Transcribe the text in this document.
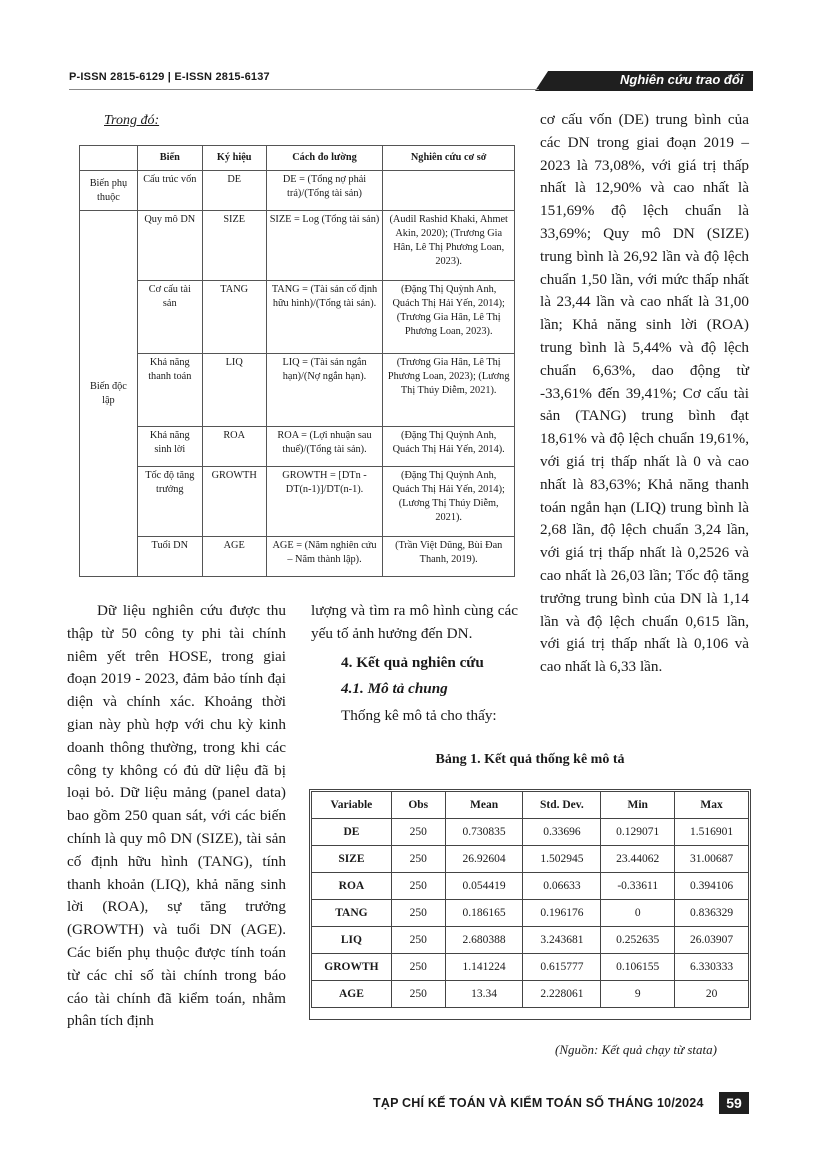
P-ISSN 2815-6129 | E-ISSN 2815-6137	Nghiên cứu trao đổi
Trong đó:
	Biến	Ký hiệu	Cách đo lường	Nghiên cứu cơ sở
Biến phụ thuộc	Cấu trúc vốn	DE	DE = (Tổng nợ phải trả)/(Tổng tài sản)	
Biến độc lập	Quy mô DN	SIZE	SIZE = Log (Tổng tài sản)	(Audil Rashid Khaki, Ahmet Akin, 2020); (Trương Gia Hân, Lê Thị Phương Loan, 2023).
	Cơ cấu tài sản	TANG	TANG = (Tài sản cố định hữu hình)/(Tổng tài sản).	(Đặng Thị Quỳnh Anh, Quách Thị Hải Yến, 2014); (Trương Gia Hân, Lê Thị Phương Loan, 2023).
	Khả năng thanh toán	LIQ	LIQ = (Tài sản ngắn hạn)/(Nợ ngắn hạn).	(Trương Gia Hân, Lê Thị Phương Loan, 2023); (Lương Thị Thúy Diễm, 2021).
	Khả năng sinh lời	ROA	ROA = (Lợi nhuận sau thuế)/(Tổng tài sản).	(Đặng Thị Quỳnh Anh, Quách Thị Hải Yến, 2014).
	Tốc độ tăng trưởng	GROWTH	GROWTH = [DTn - DT(n-1)]/DT(n-1).	(Đặng Thị Quỳnh Anh, Quách Thị Hải Yến, 2014); (Lương Thị Thúy Diễm, 2021).
	Tuổi DN	AGE	AGE = (Năm nghiên cứu – Năm thành lập).	(Trần Việt Dũng, Bùi Đan Thanh, 2019).

cơ cấu vốn (DE) trung bình của các DN trong giai đoạn 2019 – 2023 là 73,08%, với giá trị thấp nhất là 12,90% và cao nhất là 151,69% độ lệch chuẩn là 33,69%; Quy mô DN (SIZE) trung bình là 26,92 lần và độ lệch chuẩn 1,50 lần, với mức thấp nhất là 23,44 lần và cao nhất là 31,00 lần; Khả năng sinh lời (ROA) trung bình là 5,44% và độ lệch chuẩn 6,63%, dao động từ -33,61% đến 39,41%; Cơ cấu tài sản (TANG) trung bình đạt 18,61% và độ lệch chuẩn 19,61%, với giá trị thấp nhất là 0 và cao nhất là 83,63%; Khả năng thanh toán ngắn hạn (LIQ) trung bình là 2,68 lần, độ lệch chuẩn 3,24 lần, với giá trị thấp nhất là 0,2526 và cao nhất là 26,03 lần; Tốc độ tăng trưởng trung bình của DN là 1,14 lần và độ lệch chuẩn 0,615 lần, với giá trị thấp nhất là 0,106 và cao nhất là 6,33 lần.

Dữ liệu nghiên cứu được thu thập từ 50 công ty phi tài chính niêm yết trên HOSE, trong giai đoạn 2019 - 2023, đảm bảo tính đại diện và chính xác. Khoảng thời gian này phù hợp với chu kỳ kinh doanh thông thường, trong khi các công ty không có đủ dữ liệu đã bị loại bỏ. Dữ liệu mảng (panel data) bao gồm 250 quan sát, với các biến chính là quy mô DN (SIZE), tài sản cố định hữu hình (TANG), tính thanh khoản (LIQ), khả năng sinh lời (ROA), sự tăng trưởng (GROWTH) và tuổi DN (AGE). Các biến phụ thuộc được tính toán từ các chỉ số tài chính trong báo cáo tài chính đã kiểm toán, nhằm phân tích định

lượng và tìm ra mô hình cùng các yếu tố ảnh hưởng đến DN.

4. Kết quả nghiên cứu

4.1. Mô tả chung

Thống kê mô tả cho thấy:

Bảng 1. Kết quả thống kê mô tả
Variable	Obs	Mean	Std. Dev.	Min	Max
DE	250	0.730835	0.33696	0.129071	1.516901
SIZE	250	26.92604	1.502945	23.44062	31.00687
ROA	250	0.054419	0.06633	-0.33611	0.394106
TANG	250	0.186165	0.196176	0	0.836329
LIQ	250	2.680388	3.243681	0.252635	26.03907
GROWTH	250	1.141224	0.615777	0.106155	6.330333
AGE	250	13.34	2.228061	9	20
(Nguồn: Kết quả chạy từ stata)
TẠP CHÍ KẾ TOÁN VÀ KIỂM TOÁN SỐ THÁNG 10/2024	59
